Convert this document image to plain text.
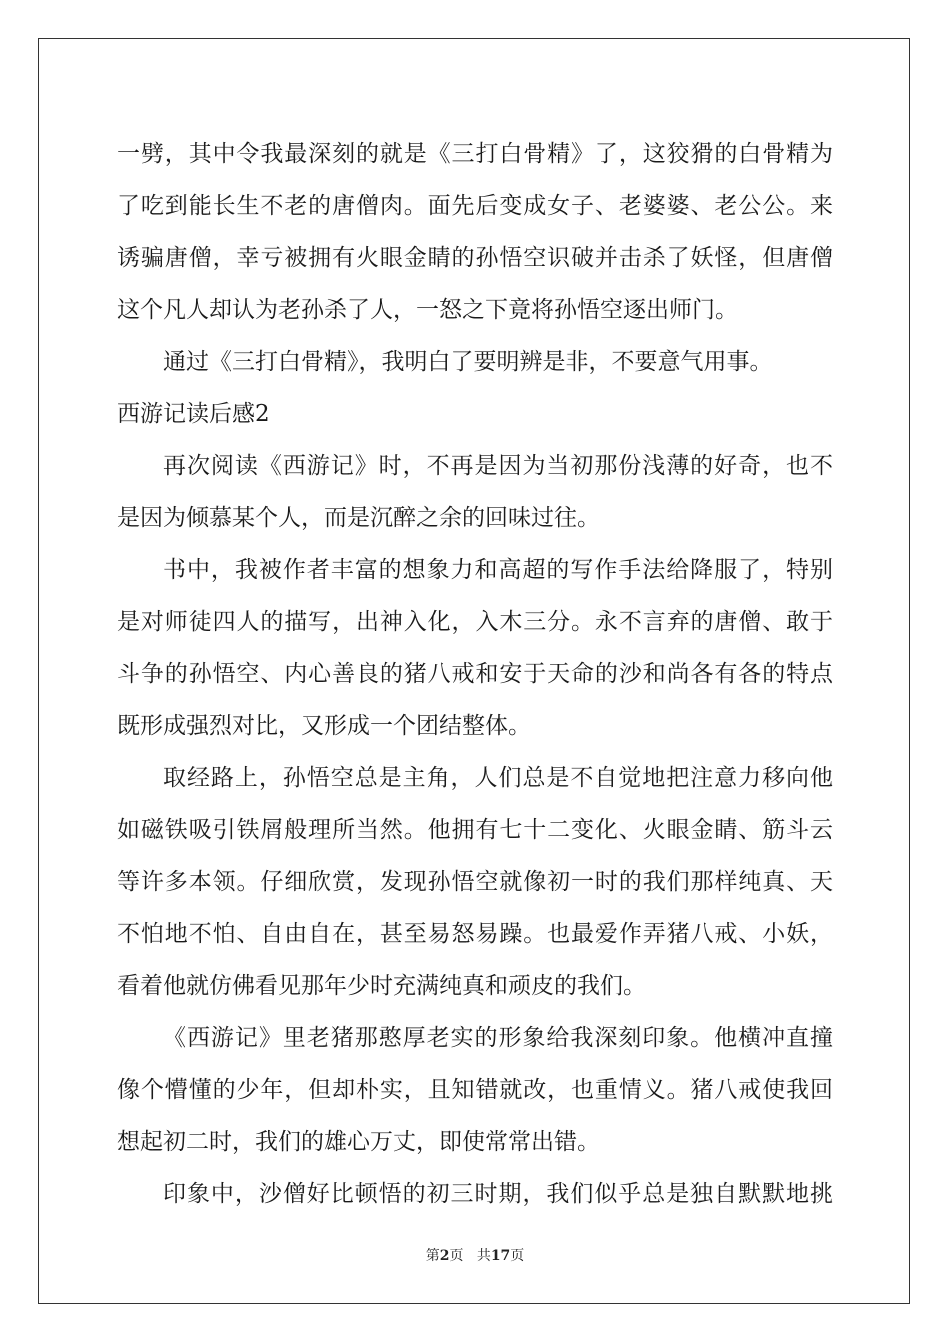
一劈，其中令我最深刻的就是《三打白骨精》了，这狡猾的白骨精为
了吃到能长生不老的唐僧肉。面先后变成女子、老婆婆、老公公。来
诱骗唐僧，幸亏被拥有火眼金睛的孙悟空识破并击杀了妖怪，但唐僧
这个凡人却认为老孙杀了人，一怒之下竟将孙悟空逐出师门。
通过《三打白骨精》，我明白了要明辨是非，不要意气用事。
西游记读后感2
再次阅读《西游记》时，不再是因为当初那份浅薄的好奇，也不
是因为倾慕某个人，而是沉醉之余的回味过往。
书中，我被作者丰富的想象力和高超的写作手法给降服了，特别
是对师徒四人的描写，出神入化，入木三分。永不言弃的唐僧、敢于
斗争的孙悟空、内心善良的猪八戒和安于天命的沙和尚各有各的特点
既形成强烈对比，又形成一个团结整体。
取经路上，孙悟空总是主角，人们总是不自觉地把注意力移向他
如磁铁吸引铁屑般理所当然。他拥有七十二变化、火眼金睛、筋斗云
等许多本领。仔细欣赏，发现孙悟空就像初一时的我们那样纯真、天
不怕地不怕、自由自在，甚至易怒易躁。也最爱作弄猪八戒、小妖，
看着他就仿佛看见那年少时充满纯真和顽皮的我们。
《西游记》里老猪那憨厚老实的形象给我深刻印象。他横冲直撞
像个懵懂的少年，但却朴实，且知错就改，也重情义。猪八戒使我回
想起初二时，我们的雄心万丈，即使常常出错。
印象中，沙僧好比顿悟的初三时期，我们似乎总是独自默默地挑
第2页 共17页
